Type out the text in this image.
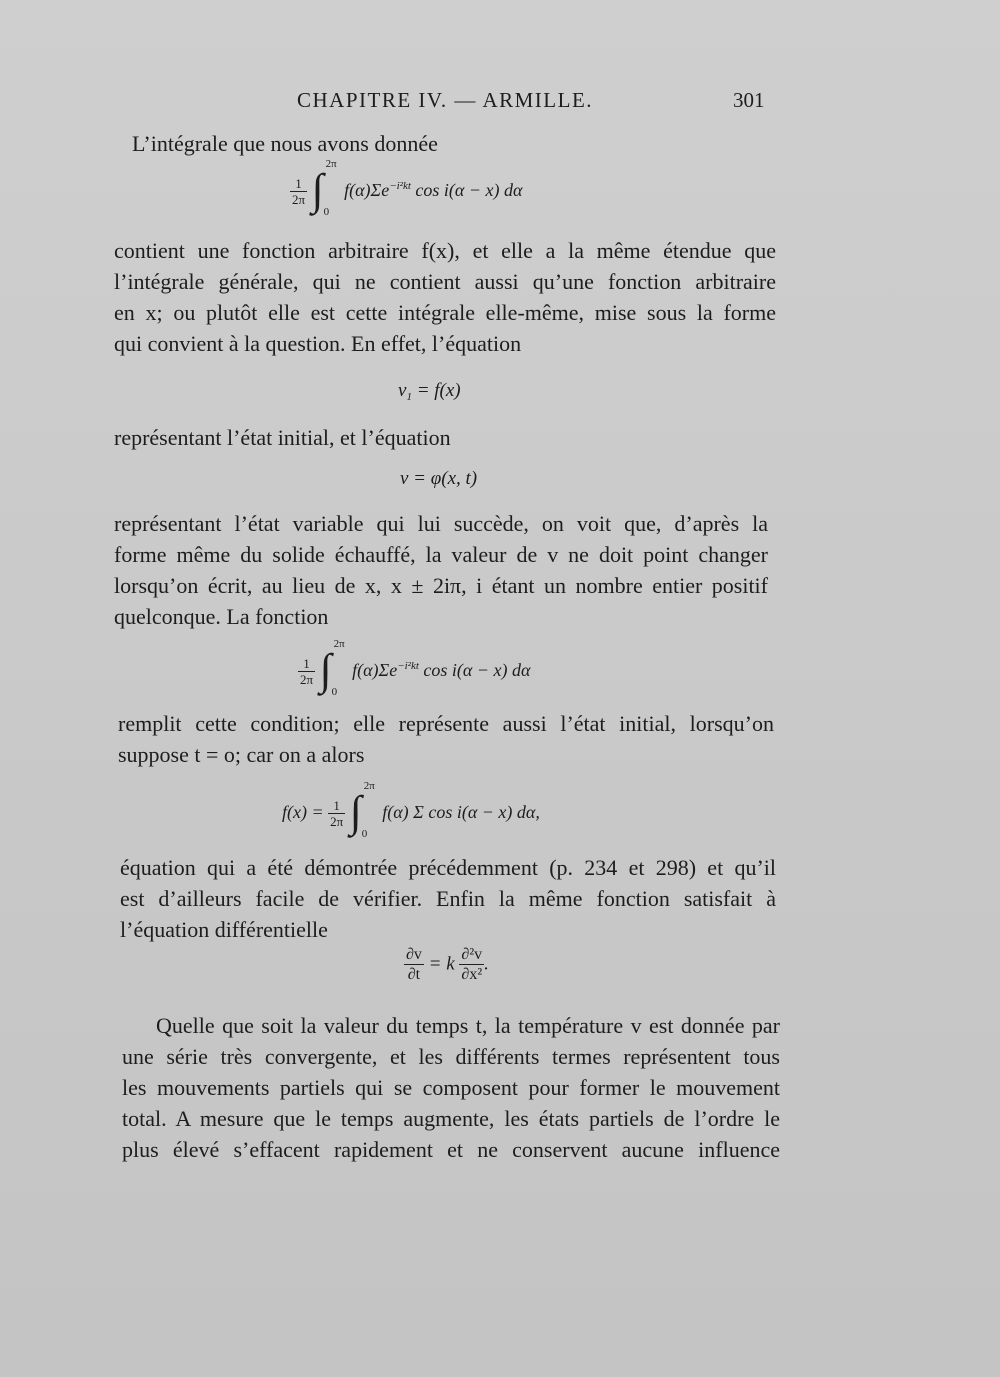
CHAPITRE IV. — ARMILLE.	301

L’intégrale que nous avons donnée

$\frac{1}{2\pi}$
∫
2π
0
$f(\alpha)\Sigma e^{-i^2kt}$ cos i(α − x) dα

contient une fonction arbitraire f(x), et elle a la même étendue que
l’intégrale générale, qui ne contient aussi qu’une fonction arbitraire
en x; ou plutôt elle est cette intégrale elle-même, mise sous la forme
qui convient à la question. En effet, l’équation

$v_1 = f(x)$

représentant l’état initial, et l’équation

v = φ(x, t)

représentant l’état variable qui lui succède, on voit que, d’après la
forme même du solide échauffé, la valeur de v ne doit point changer
lorsqu’on écrit, au lieu de x, x ± 2iπ, i étant un nombre entier positif
quelconque. La fonction

$\frac{1}{2\pi}$
∫
2π
0
$f(\alpha)\Sigma e^{-i^2kt}$ cos i(α − x) dα

remplit cette condition; elle représente aussi l’état initial, lorsqu’on
suppose t = o; car on a alors

$f(x) = \frac{1}{2\pi}$
∫
2π
0
f(α) Σ cos i(α − x) dα,

équation qui a été démontrée précédemment (p. 234 et 298) et qu’il
est d’ailleurs facile de vérifier. Enfin la même fonction satisfait à
l’équation différentielle

$\frac{\partial v}{\partial t} = k \frac{\text{∂²v}}{\text{∂x²}}$ .

Quelle que soit la valeur du temps t, la température v est donnée par
une série très convergente, et les différents termes représentent tous
les mouvements partiels qui se composent pour former le mouvement
total. A mesure que le temps augmente, les états partiels de l’ordre le
plus élevé s’effacent rapidement et ne conservent aucune influence
